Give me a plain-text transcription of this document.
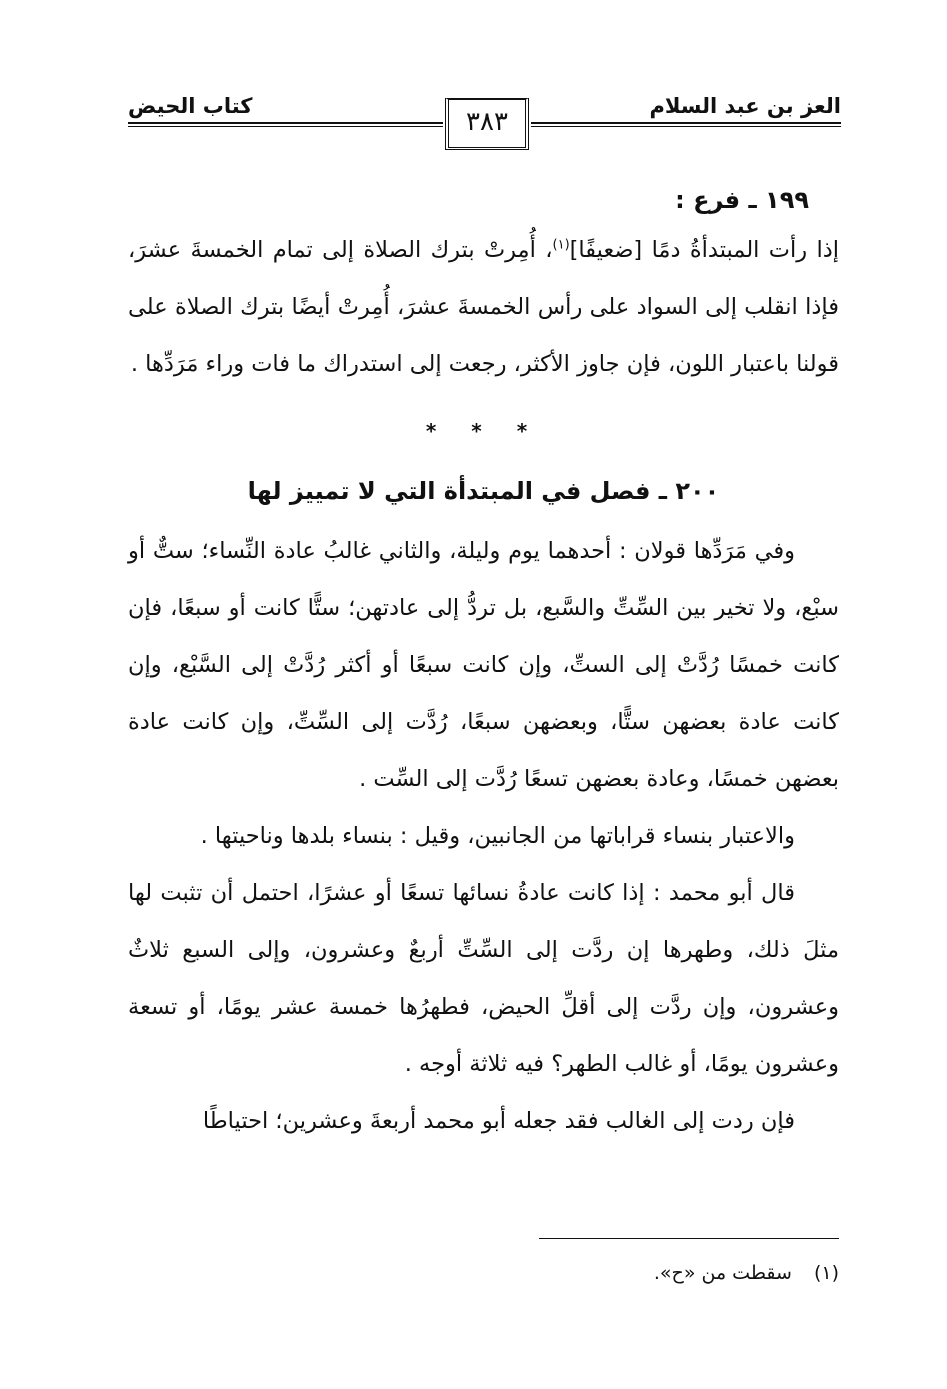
العز بن عبد السلام
٣٨٣
كتاب الحيض

١٩٩ ـ فرع :

إذا رأت المبتدأةُ دمًا [ضعيفًا]$^{(١)}$، أُمِرتْ بترك الصلاة إلى تمام الخمسةَ عشرَ، فإذا انقلب إلى السواد على رأس الخمسةَ عشرَ، أُمِرتْ أيضًا بترك الصلاة على قولنا باعتبار اللون، فإن جاوز الأكثر، رجعت إلى استدراك ما فات وراء مَرَدِّها .

* * *
٢٠٠ ـ فصل في المبتدأة التي لا تمييز لها

وفي مَرَدِّها قولان : أحدهما يوم وليلة، والثاني غالبُ عادة النِّساء؛ ستٌّ أو سبْع، ولا تخير بين السِّتِّ والسَّبع، بل تردُّ إلى عادتهن؛ ستًّا كانت أو سبعًا، فإن كانت خمسًا رُدَّتْ إلى الستِّ، وإن كانت سبعًا أو أكثر رُدَّتْ إلى السَّبْع، وإن كانت عادة بعضهن ستًّا، وبعضهن سبعًا، رُدَّت إلى السِّتِّ، وإن كانت عادة بعضهن خمسًا، وعادة بعضهن تسعًا رُدَّت إلى السِّت .

والاعتبار بنساء قراباتها من الجانبين، وقيل : بنساء بلدها وناحيتها .

قال أبو محمد : إذا كانت عادةُ نسائها تسعًا أو عشرًا، احتمل أن تثبت لها مثلَ ذلك، وطهرها إن ردَّت إلى السِّتِّ أربعٌ وعشرون، وإلى السبع ثلاثٌ وعشرون، وإن ردَّت إلى أقلِّ الحيض، فطهرُها خمسة عشر يومًا، أو تسعة وعشرون يومًا، أو غالب الطهر؟ فيه ثلاثة أوجه .

فإن ردت إلى الغالب فقد جعله أبو محمد أربعةَ وعشرين؛ احتياطًا

(١)سقطت من «ح».
